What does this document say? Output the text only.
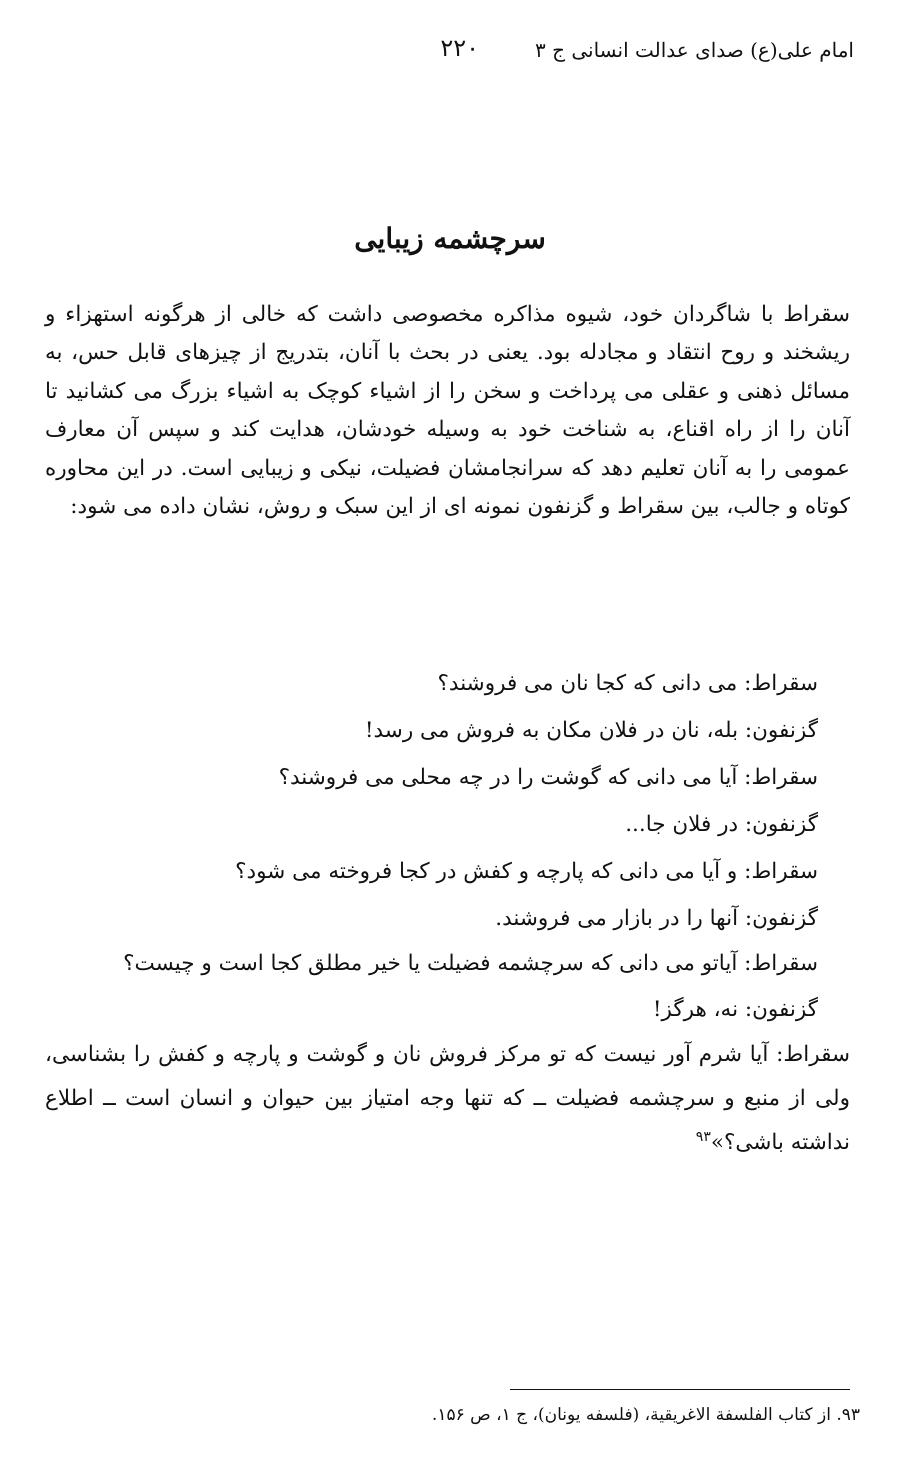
امام علی(ع) صدای عدالت انسانی ج ۳
۲۲۰
سرچشمه زیبایی

سقراط با شاگردان خود، شیوه مذاکره مخصوصی داشت که خالی از هرگونه استهزاء و ریشخند و روح انتقاد و مجادله بود. یعنی در بحث با آنان، بتدریج از چیزهای قابل حس، به مسائل ذهنی و عقلی می پرداخت و سخن را از اشیاء کوچک به اشیاء بزرگ می کشانید تا آنان را از راه اقناع، به شناخت خود به وسیله خودشان، هدایت کند و سپس آن معارف عمومی را به آنان تعلیم دهد که سرانجامشان فضیلت، نیکی و زیبایی است. در این محاوره کوتاه و جالب، بین سقراط و گزنفون نمونه ای از این سبک و روش، نشان داده می شود:

سقراط: می دانی که کجا نان می فروشند؟

گزنفون: بله، نان در فلان مکان به فروش می رسد!

سقراط: آیا می دانی که گوشت را در چه محلی می فروشند؟

گزنفون: در فلان جا...

سقراط: و آیا می دانی که پارچه و کفش در کجا فروخته می شود؟

گزنفون: آنها را در بازار می فروشند.

سقراط: آیاتو می دانی که سرچشمه فضیلت یا خیر مطلق کجا است و چیست؟

گزنفون: نه، هرگز!

سقراط: آیا شرم آور نیست که تو مرکز فروش نان و گوشت و پارچه و کفش را بشناسی، ولی از منبع و سرچشمه فضیلت ــ که تنها وجه امتیاز بین حیوان و انسان است ــ اطلاع نداشته باشی؟»$^{۹۳}$

۹۳. از کتاب الفلسفة الاغریقیة، (فلسفه یونان)، ج ۱، ص ۱۵۶.
